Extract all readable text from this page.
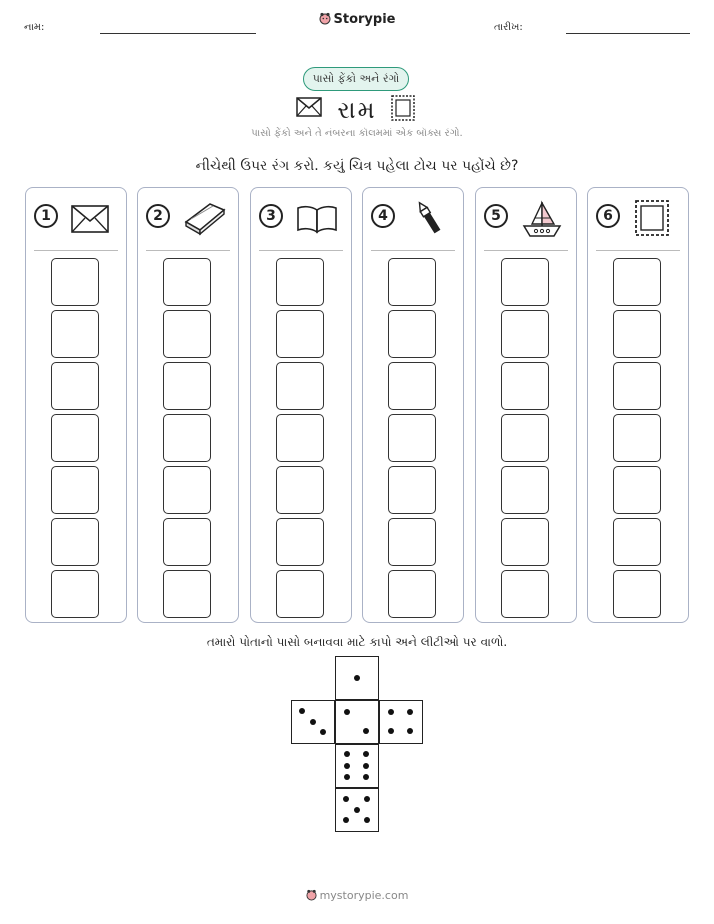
નામ:
Storypie
તારીખ:
પાસો ફેંકો અને રંગો
રામ
પાસો ફેંકો અને તે નંબરના કૉલમમાં એક બૉક્સ રંગો.
નીચેથી ઉપર રંગ કરો. કયું ચિત્ર પહેલા ટોચ પર પહોંચે છે?
1	2	3	4	5	6
તમારો પોતાનો પાસો બનાવવા માટે કાપો અને લીટીઓ પર વાળો.
mystorypie.com
